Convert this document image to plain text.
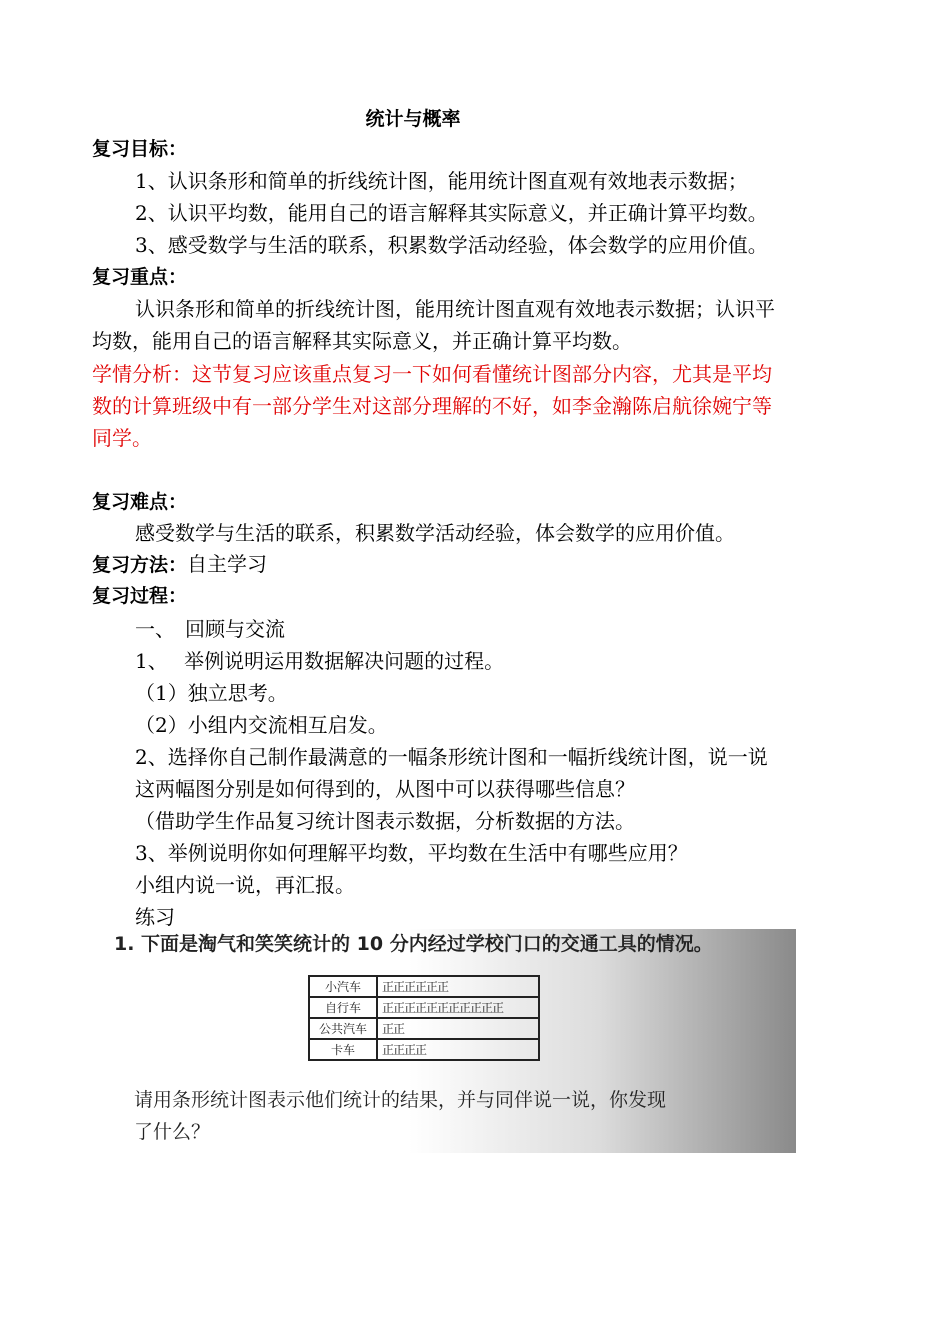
统计与概率
复习目标：
1、认识条形和简单的折线统计图，能用统计图直观有效地表示数据；
2、认识平均数，能用自己的语言解释其实际意义，并正确计算平均数。
3、感受数学与生活的联系，积累数学活动经验，体会数学的应用价值。
复习重点：
认识条形和简单的折线统计图，能用统计图直观有效地表示数据；认识平
均数，能用自己的语言解释其实际意义，并正确计算平均数。
学情分析：这节复习应该重点复习一下如何看懂统计图部分内容，尤其是平均
数的计算班级中有一部分学生对这部分理解的不好，如李金瀚陈启航徐婉宁等
同学。
复习难点：
感受数学与生活的联系，积累数学活动经验，体会数学的应用价值。
复习方法：自主学习
复习过程：
一、　回顾与交流
1、　 举例说明运用数据解决问题的过程。
（1）独立思考。
（2）小组内交流相互启发。
2、选择你自己制作最满意的一幅条形统计图和一幅折线统计图，说一说
这两幅图分别是如何得到的，从图中可以获得哪些信息？
（借助学生作品复习统计图表示数据，分析数据的方法。
3、举例说明你如何理解平均数，平均数在生活中有哪些应用？
小组内说一说，再汇报。
练习
1. 下面是淘气和笑笑统计的 10 分内经过学校门口的交通工具的情况。
小汽车	正正正正正正
自行车	正正正正正正正正正正正
公共汽车	正正
卡车	正正正正
请用条形统计图表示他们统计的结果，并与同伴说一说，你发现
了什么？
